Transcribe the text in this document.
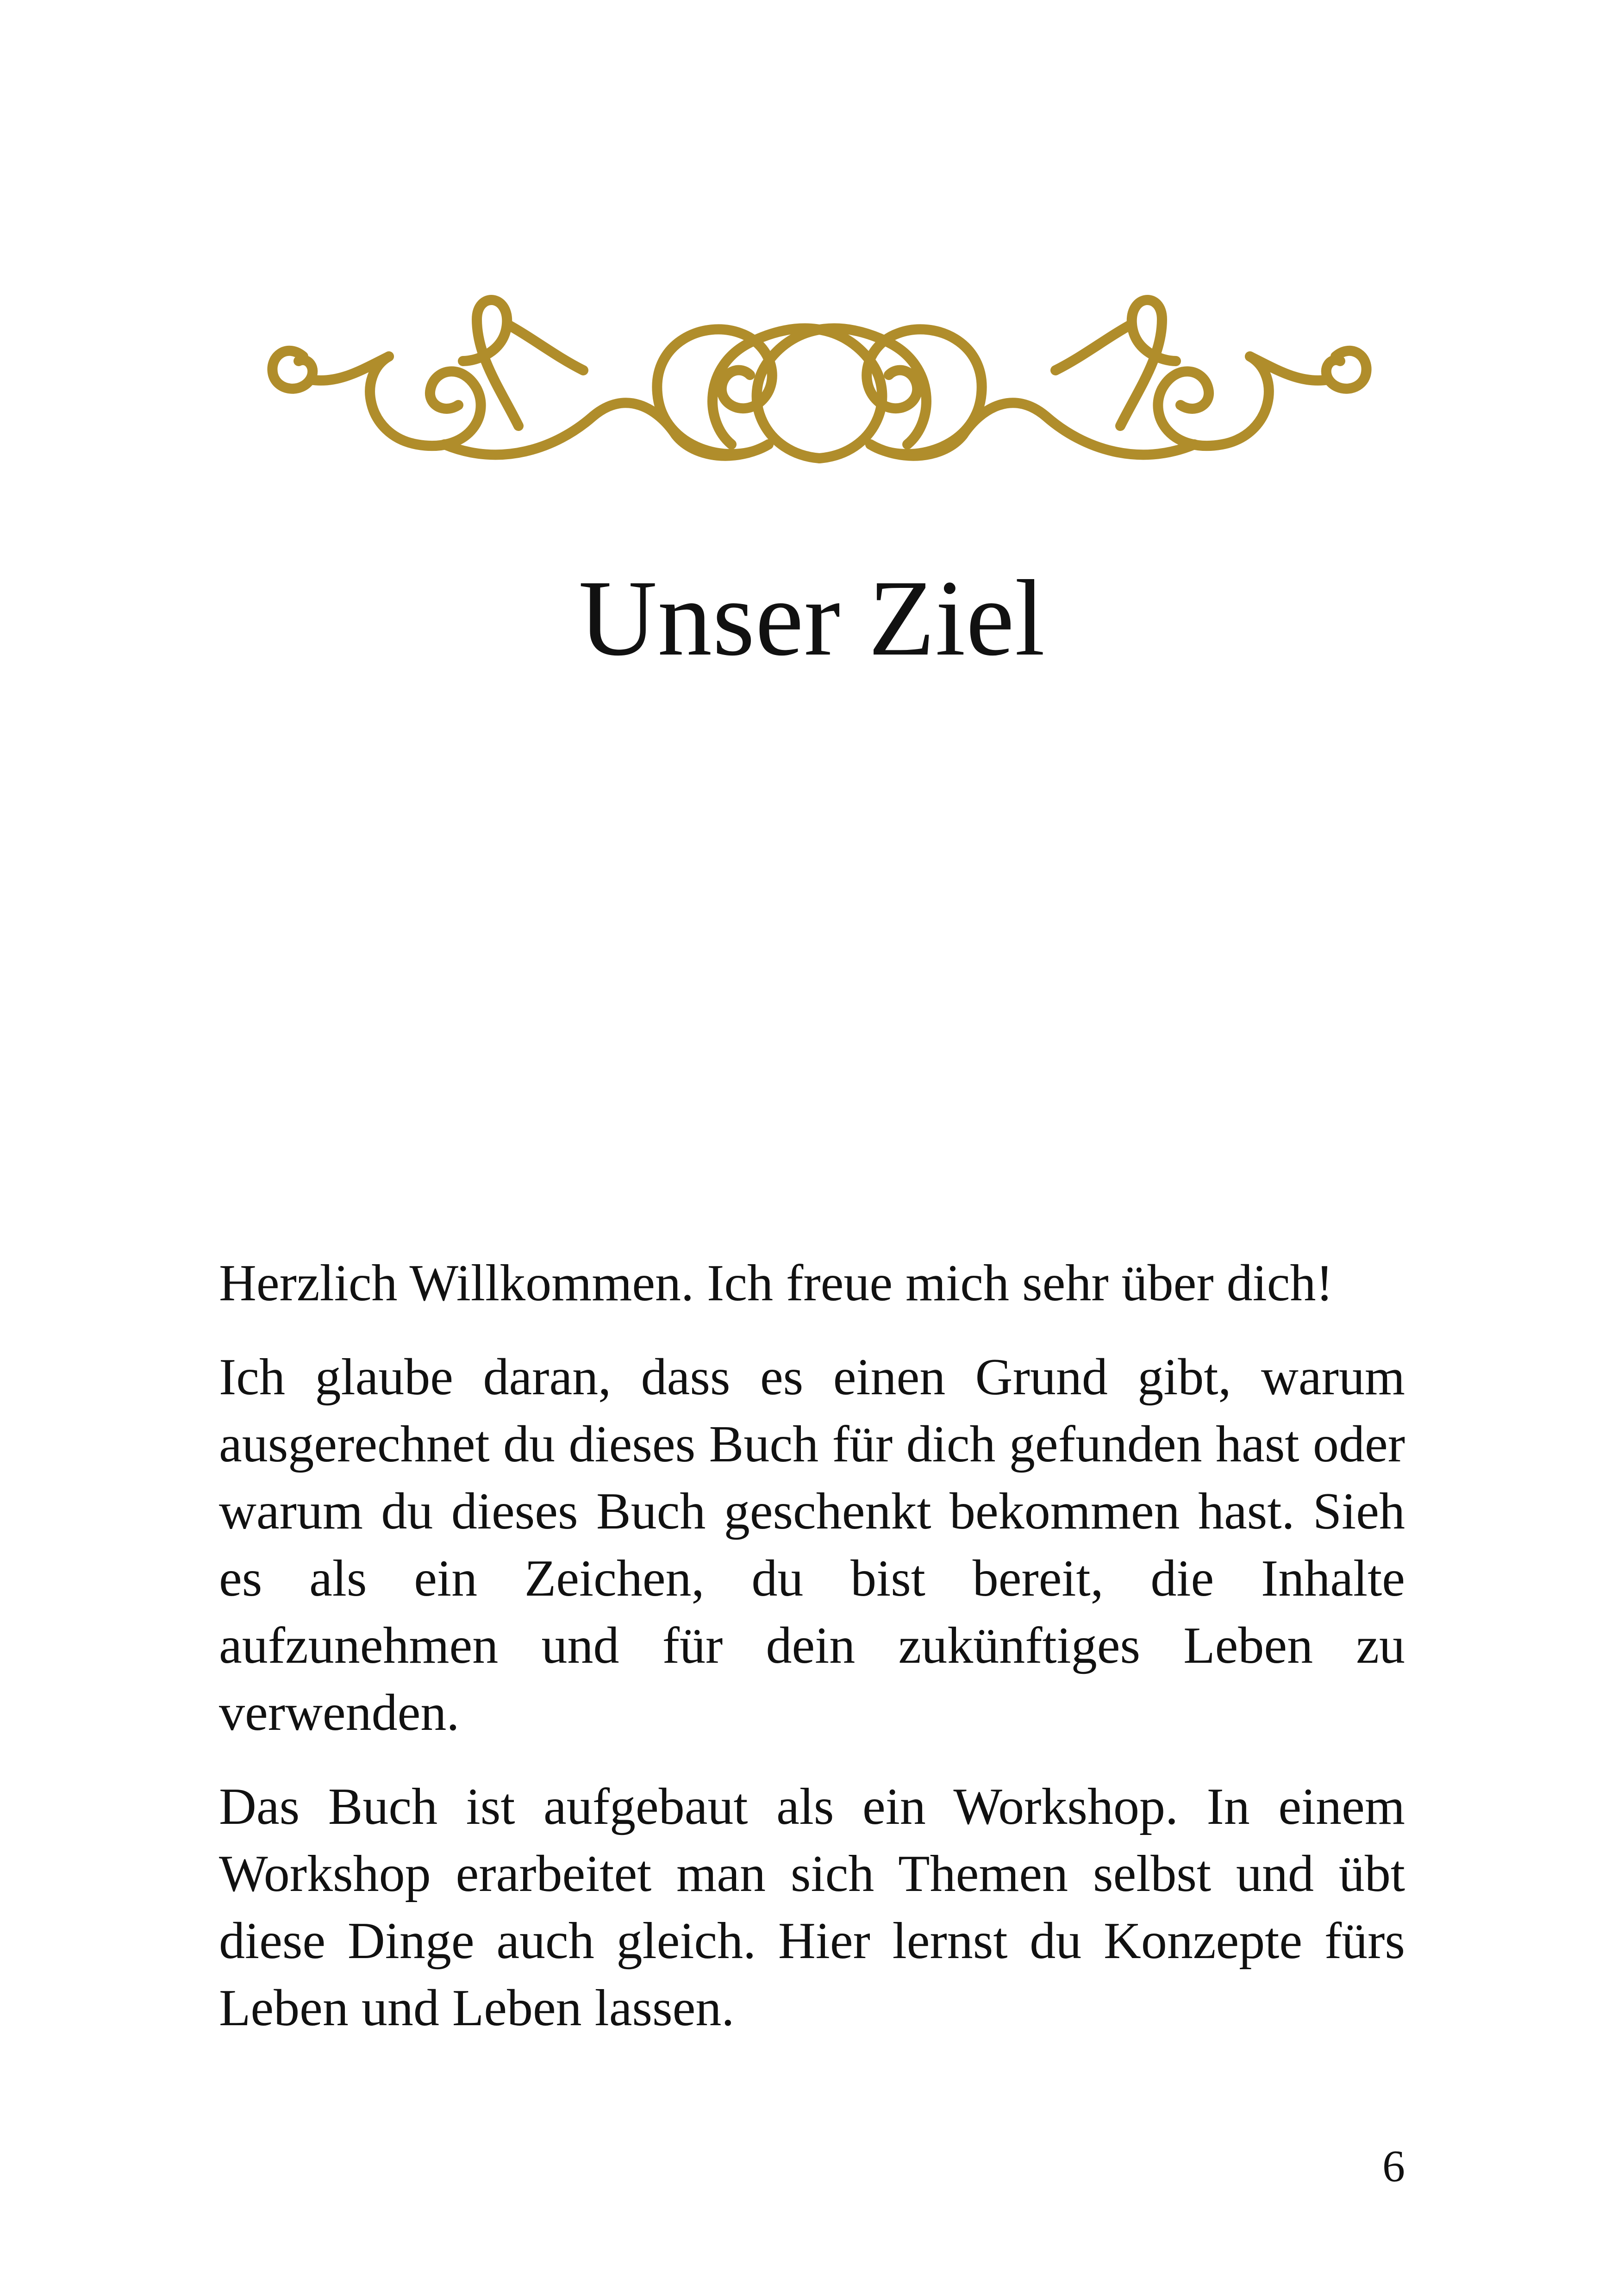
Unser Ziel

Herzlich Willkommen. Ich freue mich sehr über dich!

Ich glaube daran, dass es einen Grund gibt, warum ausgerechnet du dieses Buch für dich gefunden hast oder warum du dieses Buch geschenkt bekommen hast. Sieh es als ein Zeichen, du bist bereit, die Inhalte aufzunehmen und für dein zukünftiges Leben zu verwenden.

Das Buch ist aufgebaut als ein Workshop. In einem Workshop erarbeitet man sich Themen selbst und übt diese Dinge auch gleich. Hier lernst du Konzepte fürs Leben und Leben lassen.

6
